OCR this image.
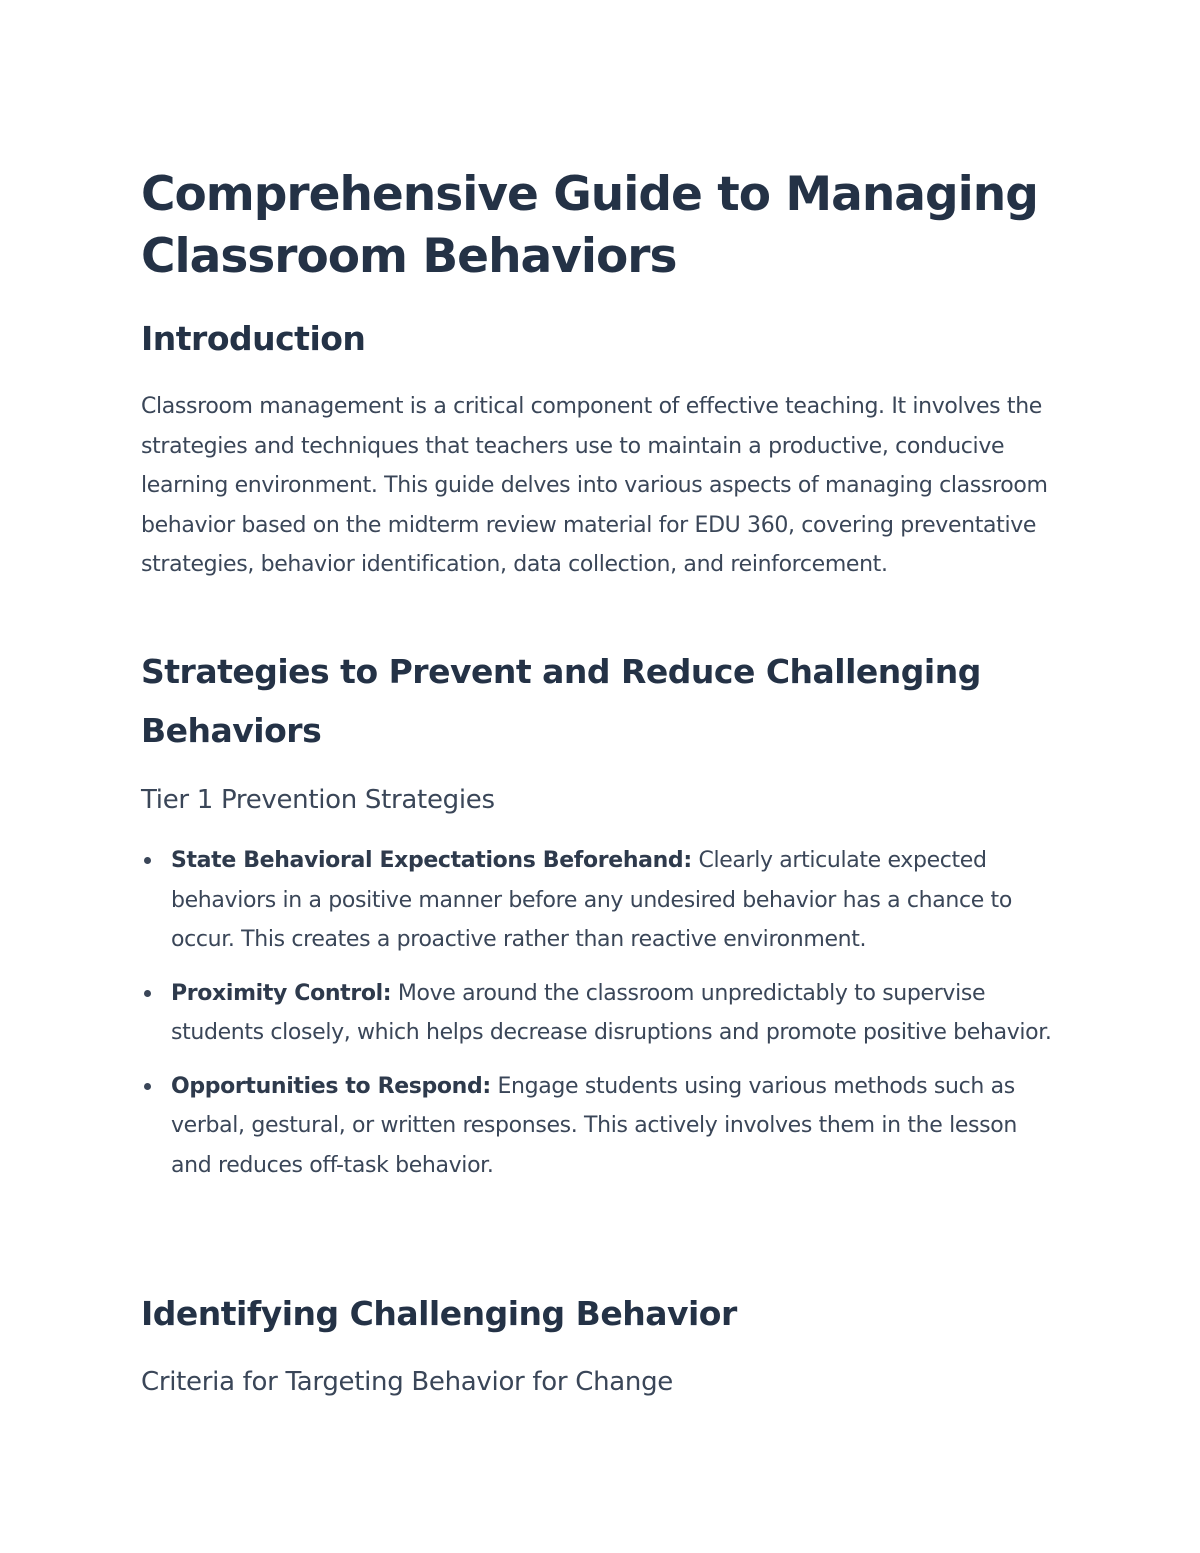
Comprehensive Guide to Managing Classroom Behaviors
Introduction

Classroom management is a critical component of effective teaching. It involves the strategies and techniques that teachers use to maintain a productive, conducive learning environment. This guide delves into various aspects of managing classroom behavior based on the midterm review material for EDU 360, covering preventative strategies, behavior identification, data collection, and reinforcement.

Strategies to Prevent and Reduce Challenging Behaviors
Tier 1 Prevention Strategies
State Behavioral Expectations Beforehand: Clearly articulate expected behaviors in a positive manner before any undesired behavior has a chance to occur. This creates a proactive rather than reactive environment.
Proximity Control: Move around the classroom unpredictably to supervise students closely, which helps decrease disruptions and promote positive behavior.
Opportunities to Respond: Engage students using various methods such as verbal, gestural, or written responses. This actively involves them in the lesson and reduces off-task behavior.
Identifying Challenging Behavior
Criteria for Targeting Behavior for Change
